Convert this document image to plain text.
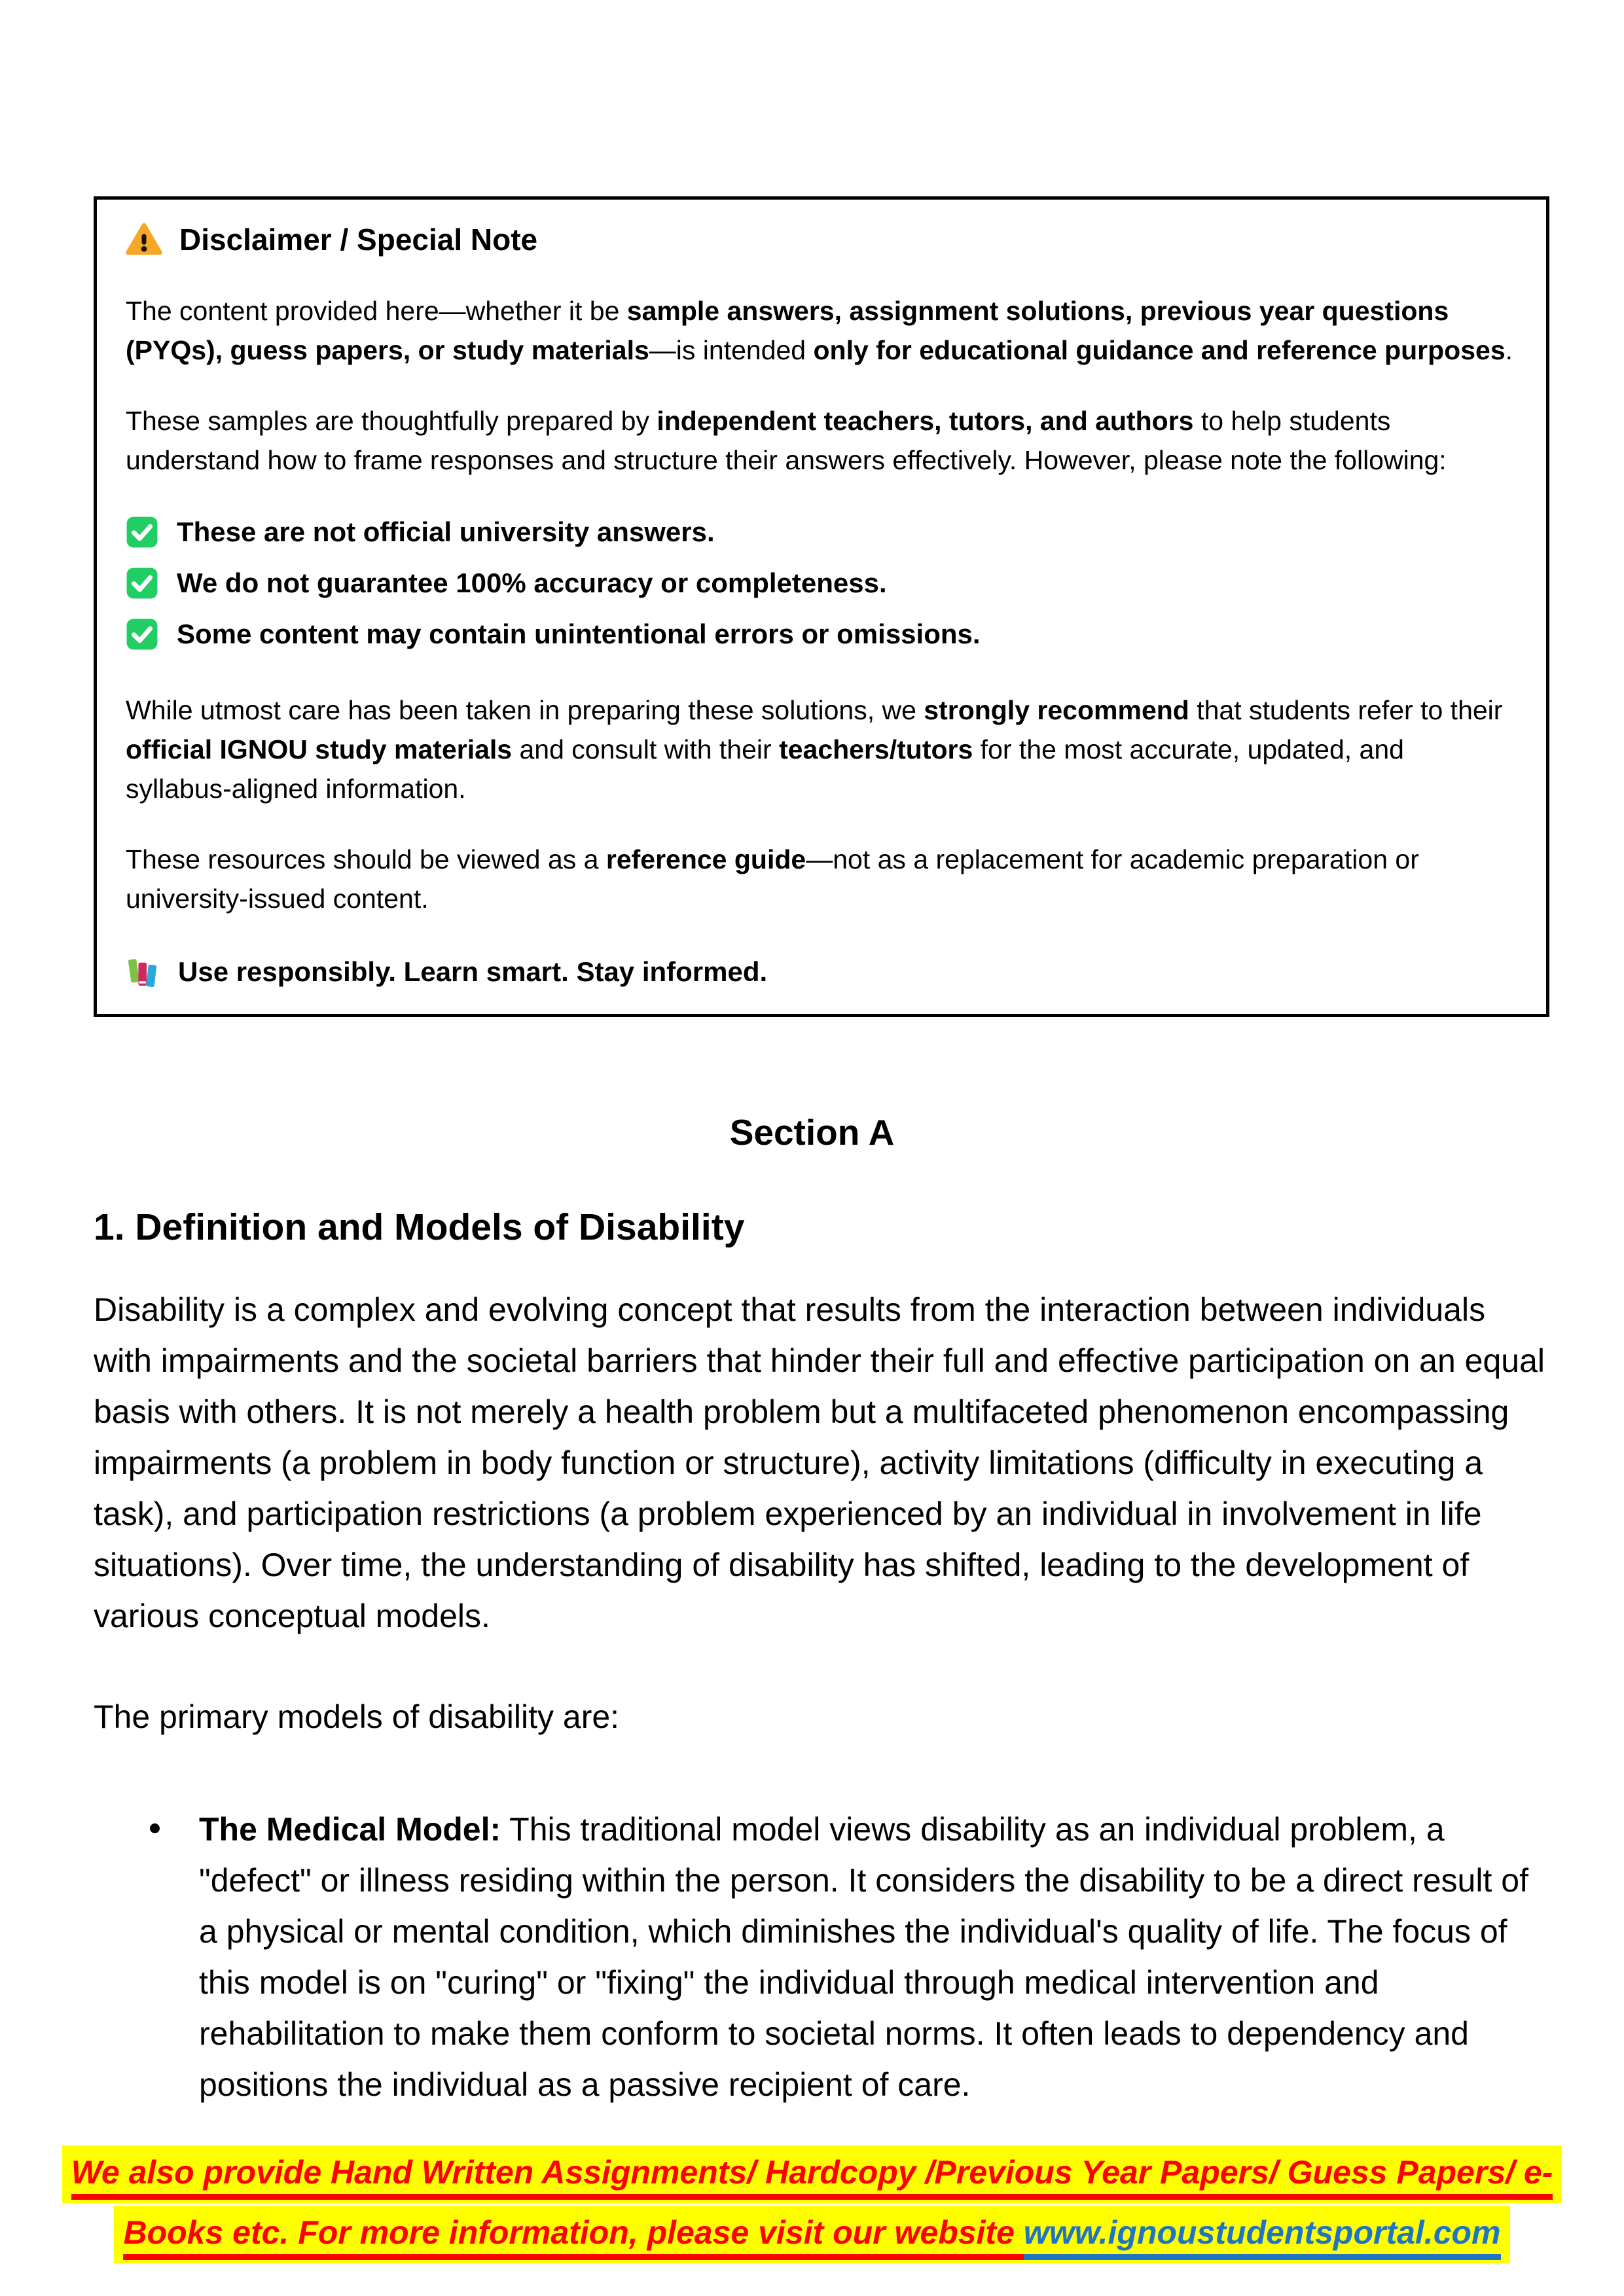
Disclaimer / Special Note

The content provided here—whether it be sample answers, assignment solutions, previous year questions (PYQs), guess papers, or study materials—is intended only for educational guidance and reference purposes.

These samples are thoughtfully prepared by independent teachers, tutors, and authors to help students understand how to frame responses and structure their answers effectively. However, please note the following:

These are not official university answers.
We do not guarantee 100% accuracy or completeness.
Some content may contain unintentional errors or omissions.

While utmost care has been taken in preparing these solutions, we strongly recommend that students refer to their official IGNOU study materials and consult with their teachers/tutors for the most accurate, updated, and syllabus-aligned information.

These resources should be viewed as a reference guide—not as a replacement for academic preparation or university-issued content.

Use responsibly. Learn smart. Stay informed.
Section A
1. Definition and Models of Disability

Disability is a complex and evolving concept that results from the interaction between individuals with impairments and the societal barriers that hinder their full and effective participation on an equal basis with others. It is not merely a health problem but a multifaceted phenomenon encompassing impairments (a problem in body function or structure), activity limitations (difficulty in executing a task), and participation restrictions (a problem experienced by an individual in involvement in life situations). Over time, the understanding of disability has shifted, leading to the development of various conceptual models.

The primary models of disability are:

The Medical Model: This traditional model views disability as an individual problem, a "defect" or illness residing within the person. It considers the disability to be a direct result of a physical or mental condition, which diminishes the individual's quality of life. The focus of this model is on "curing" or "fixing" the individual through medical intervention and rehabilitation to make them conform to societal norms. It often leads to dependency and positions the individual as a passive recipient of care.
We also provide Hand Written Assignments/ Hardcopy /Previous Year Papers/ Guess Papers/ e-
Books etc. For more information, please visit our website www.ignoustudentsportal.com
